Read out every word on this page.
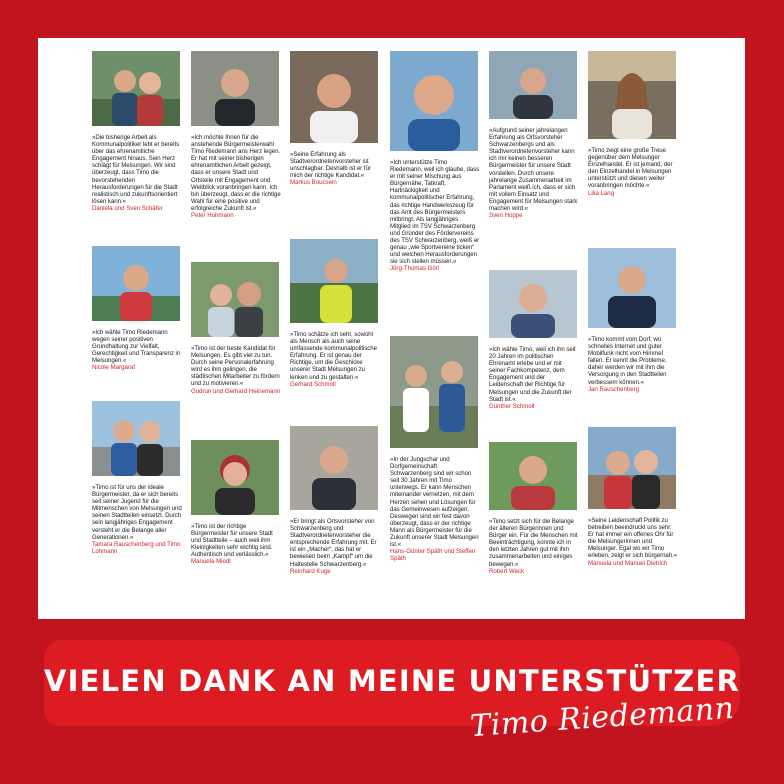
»Die bisherige Arbeit als Kommunalpolitiker lebt er bereits über das ehrenamtliche Engagement hinaus. Sein Herz schlägt für Melsungen. Wir sind überzeugt, dass Timo die bevorstehenden Herausforderungen für die Stadt realistisch und zukunftsorientiert lösen kann.«
Daniela und Sven Schäfer
»Ich wähle Timo Riedemann wegen seiner positiven Grundhaltung zur Vielfalt, Gerechtigkeit und Transparenz in Melsungen.«
Nicole Margaraf
»Timo ist für uns der ideale Bürgermeister, da er sich bereits seit seiner Jugend für die Mitmenschen von Melsungen und seinen Stadtteilen einsetzt. Durch sein langjähriges Engagement versteht er die Belange aller Generationen.«
Tamara Rauschenberg und Timo Lohmann
»Ich möchte Ihnen für die anstehende Bürgermeisterwahl Timo Riedemann ans Herz legen. Er hat mit seiner bisherigen ehrenamtlichen Arbeit gezeigt, dass er unsere Stadt und Ortsteile mit Engagement und Weitblick voranbringen kann. Ich bin überzeugt, dass er die richtige Wahl für eine positive und erfolgreiche Zukunft ist.«
Peter Hohmann
»Timo ist der beste Kandidat für Melsungen. Es gibt viel zu tun. Durch seine Personalerfahrung wird es ihm gelingen, die städtischen Mitarbeiter zu fördern und zu motivieren.«
Gudrun und Gerhard Heinemann
»Timo ist der richtige Bürgermeister für unsere Stadt und Stadtteile – auch weil ihm Kleinigkeiten sehr wichtig sind. Authentisch und verlässlich.«
Manuela Miedl
»Seine Erfahrung als Stadtverordnetenvorsteher ist unschlagbar. Deshalb ist er für mich der richtige Kandidat.«
Markus Boucsein
»Timo schätze ich sehr, sowohl als Mensch als auch seine umfassende kommunalpolitische Erfahrung. Er ist genau der Richtige, um die Geschicke unserer Stadt Melsungen zu lenken und zu gestalten.«
Gerhard Schmoll
»Er bringt als Ortsvorsteher von Schwarzenberg und Stadtverordnetenvorsteher die entsprechende Erfahrung mit. Er ist ein „Macher“, das hat er bewiesen beim „Kampf“ um die Haltestelle Schwarzenberg.«
Reinhard Kuge
»Ich unterstütze Timo Riedemann, weil ich glaube, dass er mit seiner Mischung aus Bürgernähe, Tatkraft, Hartnäckigkeit und kommunalpolitischer Erfahrung, das richtige Handwerkszeug für das Amt des Bürgermeisters mitbringt. Als langjähriges Mitglied im TSV Schwarzenberg und Gründer des Fördervereins des TSV Schwarzenberg, weiß er genau „wie Sportvereine ticken“ und welchen Herausforderungen sie sich stellen müssen.«
Jörg-Thomas Görl
»In der Jungschar und Dorfgemeinschaft Schwarzenberg sind wir schon seit 30 Jahren mit Timo unterwegs. Er kann Menschen miteinander vernetzen, mit dem Herzen sehen und Lösungen für das Gemeinwesen aufzeigen. Deswegen sind wir fest davon überzeugt, dass er der richtige Mann als Bürgermeister für die Zukunft unserer Stadt Melsungen ist.«
Hans-Günter Späth und Steffen Späth
»Aufgrund seiner jahrelangen Erfahrung als Ortsvorsteher Schwarzenbergs und als Stadtverordnetenvorsteher kann ich mir keinen besseren Bürgermeister für unsere Stadt vorstellen. Durch unsere jahrelange Zusammenarbeit im Parlament weiß ich, dass er sich mit vollem Einsatz und Engagement für Melsungen stark machen wird.«
Sven Hoppe
»Ich wähle Timo, weil ich ihn seit 20 Jahren im politischen Ehrenamt erlebe und er mit seiner Fachkompetenz, dem Engagement und der Leidenschaft der Richtige für Melsungen und die Zukunft der Stadt ist.«
Günther Schmoll
»Timo setzt sich für die Belange der älteren Bürgerinnen und Bürger ein. Für die Menschen mit Beeinträchtigung, konnte ich in den letzten Jahren gut mit ihm zusammenarbeiten und einiges bewegen.«
Robert Weck
»Timo zeigt eine große Treue gegenüber dem Melsunger Einzelhandel. Er ist jemand, der den Einzelhandel in Melsungen unterstützt und diesen weiter voranbringen möchte.«
Lilia Lang
»Timo kommt vom Dorf, wo schnelles Internet und guter Mobilfunk nicht vom Himmel fallen. Er kennt die Probleme, daher werden wir mit ihm die Versorgung in den Stadtteilen verbessern können.«
Jan Rauschenberg
»Seine Leidenschaft Politik zu betreiben beeindruckt uns sehr. Er hat immer ein offenes Ohr für die Melsungerinnen und Melsunger. Egal wo wir Timo erleben, zeigt er sich bürgernah.«
Manuela und Manuel Dietrich
VIELEN DANK AN MEINE UNTERSTÜTZER
Timo Riedemann
